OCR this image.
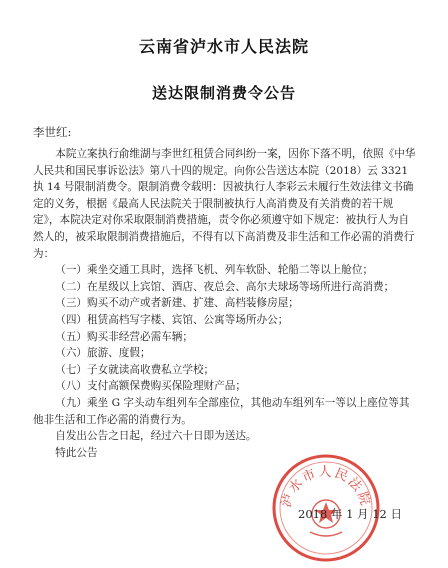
云南省泸水市人民法院
送达限制消费令公告
李世红:

本院立案执行俞维湖与李世红租赁合同纠纷一案，因你下落不明，依照《中华人民共和国民事诉讼法》第八十四的规定。向你公告送达本院（2018）云 3321 执 14 号限制消费令。限制消费令载明：因被执行人李彩云未履行生效法律文书确定的义务，根据《最高人民法院关于限制被执行人高消费及有关消费的若干规定》，本院决定对你采取限制消费措施，责令你必须遵守如下规定：被执行人为自然人的，被采取限制消费措施后，不得有以下高消费及非生活和工作必需的消费行为：

（一）乘坐交通工具时，选择飞机、列车软卧、轮船二等以上舱位；

（二）在星级以上宾馆、酒店、夜总会、高尔夫球场等场所进行高消费；

（三）购买不动产或者新建、扩建、高档装修房屋；

（四）租赁高档写字楼、宾馆、公寓等场所办公；

（五）购买非经营必需车辆；

（六）旅游、度假；

（七）子女就读高收费私立学校；

（八）支付高额保费购买保险理财产品；

（九）乘坐 G 字头动车组列车全部座位，其他动车组列车一等以上座位等其他非生活和工作必需的消费行为。

自发出公告之日起，经过六十日即为送达。

特此公告

泸水市人民法院
2018 年 1 月 12 日
